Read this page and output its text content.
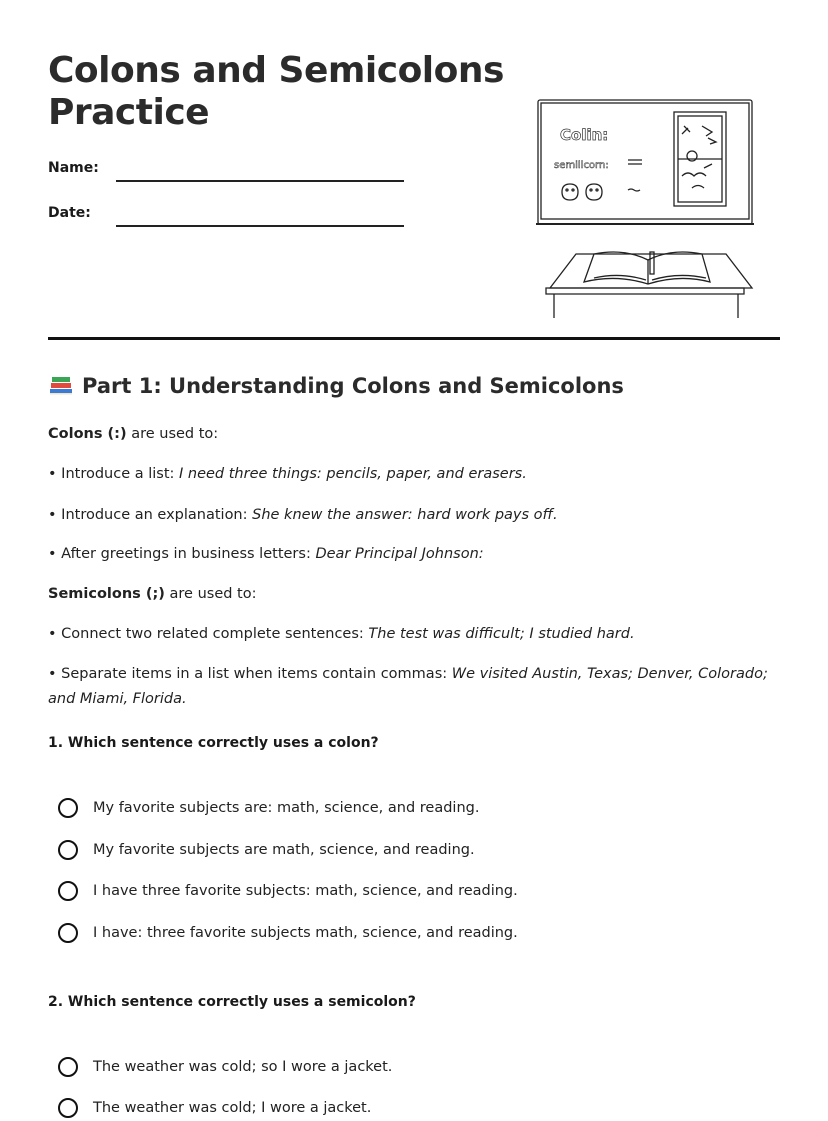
Colons and Semicolons Practice
Name:
Date:
Colin:
semillcorn:
Part 1: Understanding Colons and Semicolons
Colons (:) are used to:
• Introduce a list: I need three things: pencils, paper, and erasers.
• Introduce an explanation: She knew the answer: hard work pays off.
• After greetings in business letters: Dear Principal Johnson:
Semicolons (;) are used to:
• Connect two related complete sentences: The test was difficult; I studied hard.
• Separate items in a list when items contain commas: We visited Austin, Texas; Denver, Colorado; and Miami, Florida.
1. Which sentence correctly uses a colon?
My favorite subjects are: math, science, and reading.
My favorite subjects are math, science, and reading.
I have three favorite subjects: math, science, and reading.
I have: three favorite subjects math, science, and reading.
2. Which sentence correctly uses a semicolon?
The weather was cold; so I wore a jacket.
The weather was cold; I wore a jacket.
